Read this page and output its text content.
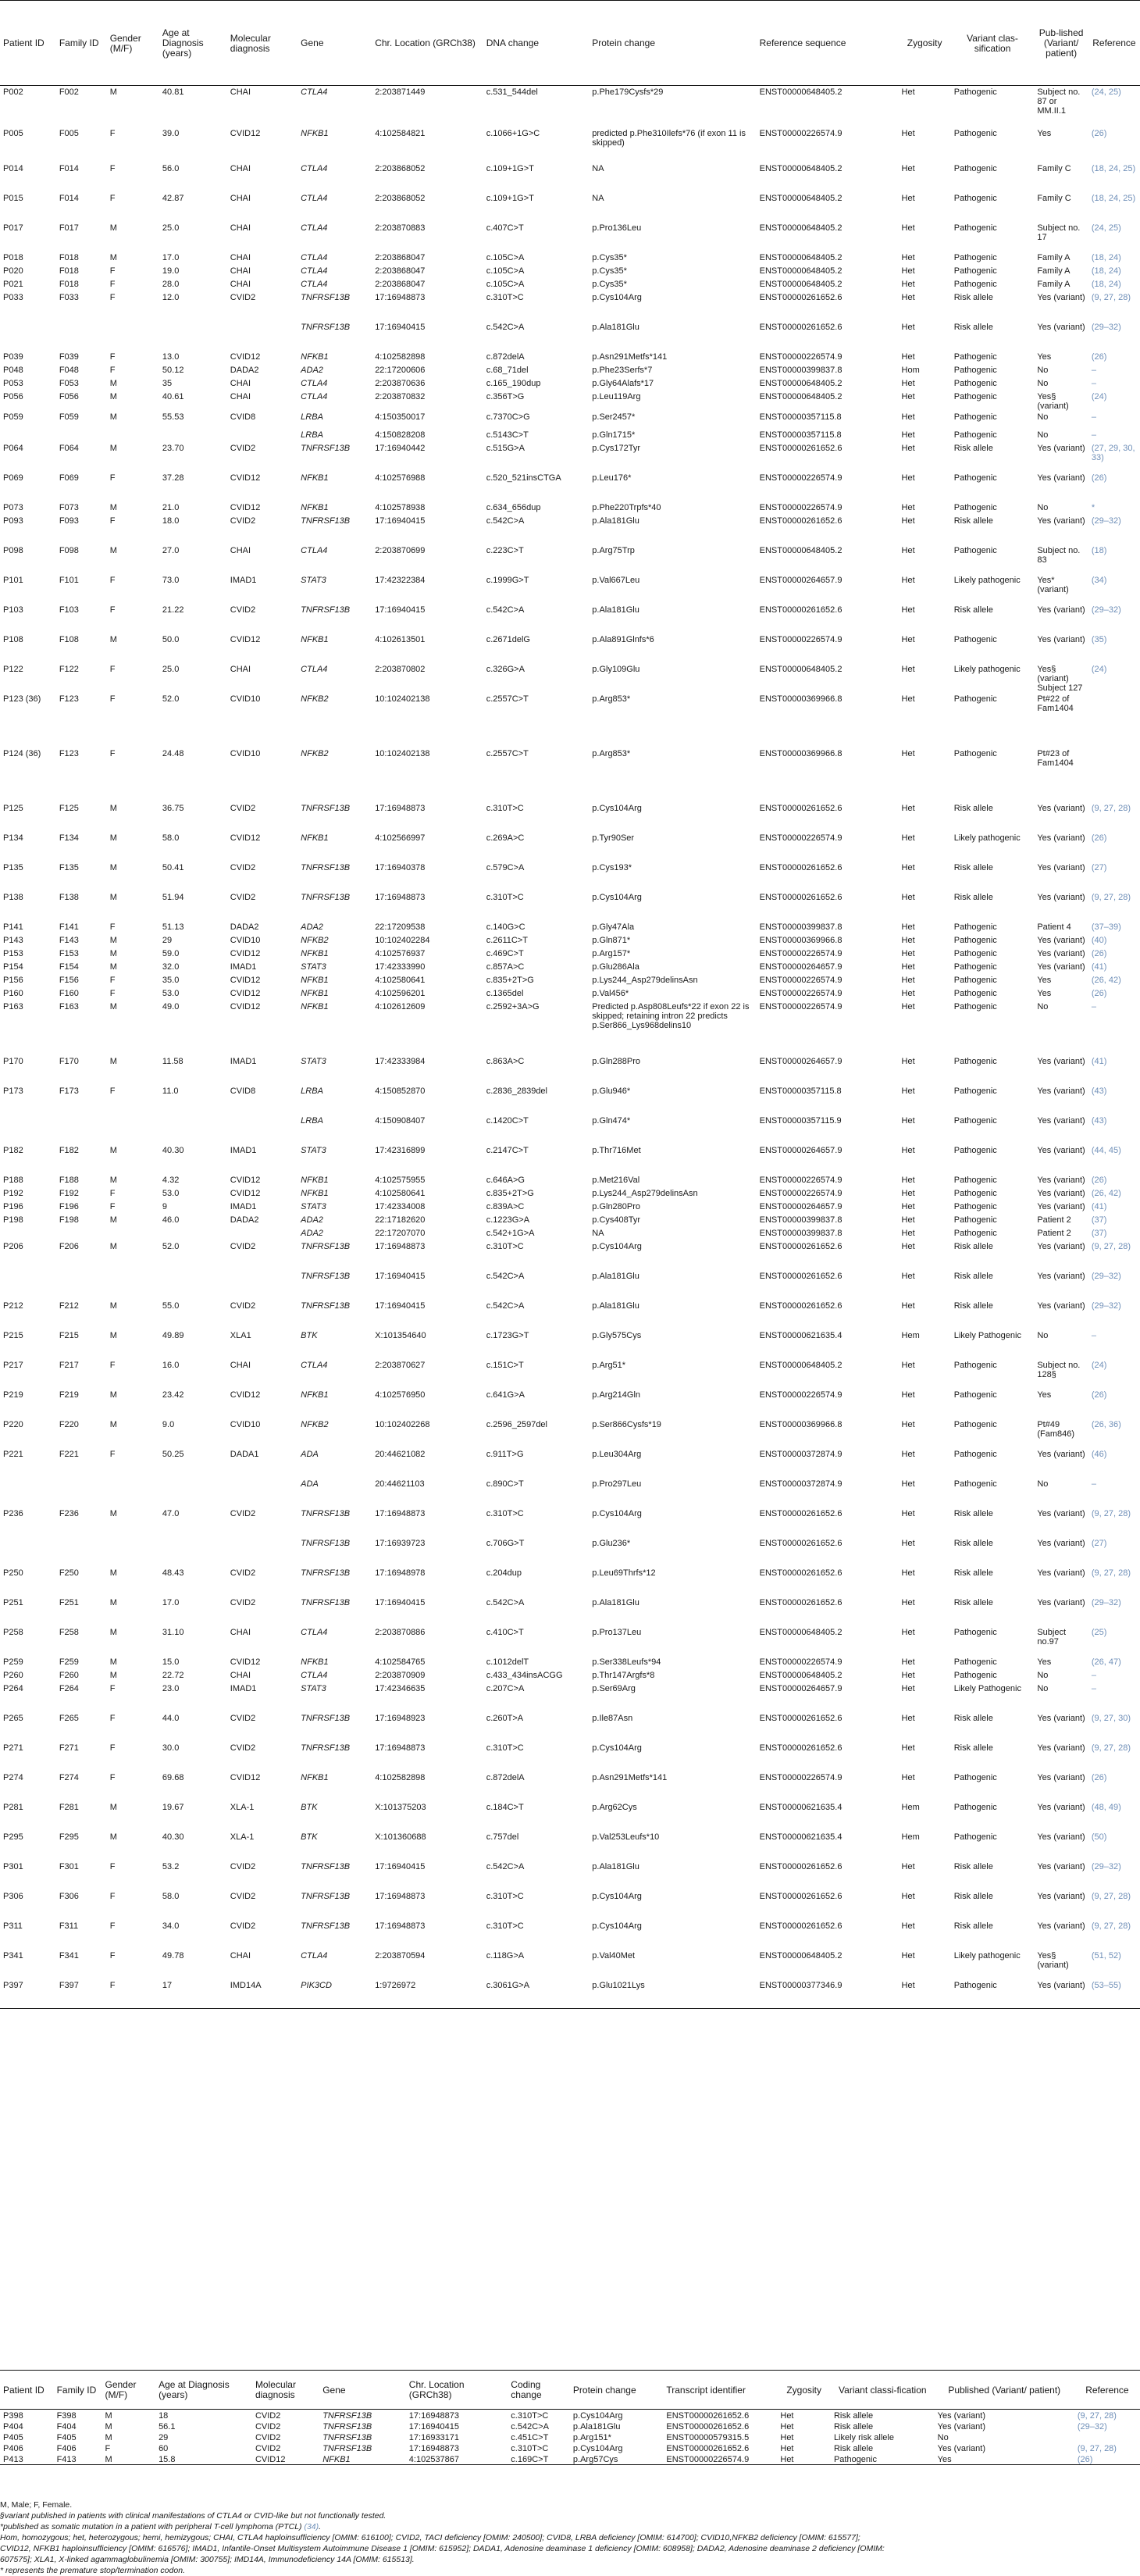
Patient ID	Family ID	Gender (M/F)	Age at Diagnosis (years)	Molecular diagnosis	Gene	Chr. Location (GRCh38)	DNA change	Protein change	Reference sequence	Zygosity	Variant clas-sification	Pub-lished (Variant/ patient)	Reference
P002	F002	M	40.81	CHAI	CTLA4	2:203871449	c.531_544del	p.Phe179Cysfs*29	ENST00000648405.2	Het	Pathogenic	Subject no. 87 or MM.II.1	(24, 25)
P005	F005	F	39.0	CVID12	NFKB1	4:102584821	c.1066+1G>C	predicted p.Phe310Ilefs*76 (if exon 11 is skipped)	ENST00000226574.9	Het	Pathogenic	Yes	(26)
P014	F014	F	56.0	CHAI	CTLA4	2:203868052	c.109+1G>T	NA	ENST00000648405.2	Het	Pathogenic	Family C	(18, 24, 25)
P015	F014	F	42.87	CHAI	CTLA4	2:203868052	c.109+1G>T	NA	ENST00000648405.2	Het	Pathogenic	Family C	(18, 24, 25)
P017	F017	M	25.0	CHAI	CTLA4	2:203870883	c.407C>T	p.Pro136Leu	ENST00000648405.2	Het	Pathogenic	Subject no. 17	(24, 25)
P018	F018	M	17.0	CHAI	CTLA4	2:203868047	c.105C>A	p.Cys35*	ENST00000648405.2	Het	Pathogenic	Family A	(18, 24)
P020	F018	F	19.0	CHAI	CTLA4	2:203868047	c.105C>A	p.Cys35*	ENST00000648405.2	Het	Pathogenic	Family A	(18, 24)
P021	F018	F	28.0	CHAI	CTLA4	2:203868047	c.105C>A	p.Cys35*	ENST00000648405.2	Het	Pathogenic	Family A	(18, 24)
P033	F033	F	12.0	CVID2	TNFRSF13B	17:16948873	c.310T>C	p.Cys104Arg	ENST00000261652.6	Het	Risk allele	Yes (variant)	(9, 27, 28)
					TNFRSF13B	17:16940415	c.542C>A	p.Ala181Glu	ENST00000261652.6	Het	Risk allele	Yes (variant)	(29–32)
P039	F039	F	13.0	CVID12	NFKB1	4:102582898	c.872delA	p.Asn291Metfs*141	ENST00000226574.9	Het	Pathogenic	Yes	(26)
P048	F048	F	50.12	DADA2	ADA2	22:17200606	c.68_71del	p.Phe23Serfs*7	ENST00000399837.8	Hom	Pathogenic	No	–
P053	F053	M	35	CHAI	CTLA4	2:203870636	c.165_190dup	p.Gly64Alafs*17	ENST00000648405.2	Het	Pathogenic	No	–
P056	F056	M	40.61	CHAI	CTLA4	2:203870832	c.356T>G	p.Leu119Arg	ENST00000648405.2	Het	Pathogenic	Yes§ (variant)	(24)
P059	F059	M	55.53	CVID8	LRBA	4:150350017	c.7370C>G	p.Ser2457*	ENST00000357115.8	Het	Pathogenic	No	–
					LRBA	4:150828208	c.5143C>T	p.Gln1715*	ENST00000357115.8	Het	Pathogenic	No	–
P064	F064	M	23.70	CVID2	TNFRSF13B	17:16940442	c.515G>A	p.Cys172Tyr	ENST00000261652.6	Het	Risk allele	Yes (variant)	(27, 29, 30, 33)
P069	F069	F	37.28	CVID12	NFKB1	4:102576988	c.520_521insCTGA	p.Leu176*	ENST00000226574.9	Het	Pathogenic	Yes (variant)	(26)
P073	F073	M	21.0	CVID12	NFKB1	4:102578938	c.634_656dup	p.Phe220Trpfs*40	ENST00000226574.9	Het	Pathogenic	No	*
P093	F093	F	18.0	CVID2	TNFRSF13B	17:16940415	c.542C>A	p.Ala181Glu	ENST00000261652.6	Het	Risk allele	Yes (variant)	(29–32)
P098	F098	M	27.0	CHAI	CTLA4	2:203870699	c.223C>T	p.Arg75Trp	ENST00000648405.2	Het	Pathogenic	Subject no. 83	(18)
P101	F101	F	73.0	IMAD1	STAT3	17:42322384	c.1999G>T	p.Val667Leu	ENST00000264657.9	Het	Likely pathogenic	Yes* (variant)	(34)
P103	F103	F	21.22	CVID2	TNFRSF13B	17:16940415	c.542C>A	p.Ala181Glu	ENST00000261652.6	Het	Risk allele	Yes (variant)	(29–32)
P108	F108	M	50.0	CVID12	NFKB1	4:102613501	c.2671delG	p.Ala891Glnfs*6	ENST00000226574.9	Het	Pathogenic	Yes (variant)	(35)
P122	F122	F	25.0	CHAI	CTLA4	2:203870802	c.326G>A	p.Gly109Glu	ENST00000648405.2	Het	Likely pathogenic	Yes§ (variant) Subject 127	(24)
P123 (36)	F123	F	52.0	CVID10	NFKB2	10:102402138	c.2557C>T	p.Arg853*	ENST00000369966.8	Het	Pathogenic	Pt#22 of Fam1404	
P124 (36)	F123	F	24.48	CVID10	NFKB2	10:102402138	c.2557C>T	p.Arg853*	ENST00000369966.8	Het	Pathogenic	Pt#23 of Fam1404	
P125	F125	M	36.75	CVID2	TNFRSF13B	17:16948873	c.310T>C	p.Cys104Arg	ENST00000261652.6	Het	Risk allele	Yes (variant)	(9, 27, 28)
P134	F134	M	58.0	CVID12	NFKB1	4:102566997	c.269A>C	p.Tyr90Ser	ENST00000226574.9	Het	Likely pathogenic	Yes (variant)	(26)
P135	F135	M	50.41	CVID2	TNFRSF13B	17:16940378	c.579C>A	p.Cys193*	ENST00000261652.6	Het	Risk allele	Yes (variant)	(27)
P138	F138	M	51.94	CVID2	TNFRSF13B	17:16948873	c.310T>C	p.Cys104Arg	ENST00000261652.6	Het	Risk allele	Yes (variant)	(9, 27, 28)
P141	F141	F	51.13	DADA2	ADA2	22:17209538	c.140G>C	p.Gly47Ala	ENST00000399837.8	Het	Pathogenic	Patient 4	(37–39)
P143	F143	M	29	CVID10	NFKB2	10:102402284	c.2611C>T	p.Gln871*	ENST00000369966.8	Het	Pathogenic	Yes (variant)	(40)
P153	F153	M	59.0	CVID12	NFKB1	4:102576937	c.469C>T	p.Arg157*	ENST00000226574.9	Het	Pathogenic	Yes (variant)	(26)
P154	F154	M	32.0	IMAD1	STAT3	17:42333990	c.857A>C	p.Glu286Ala	ENST00000264657.9	Het	Pathogenic	Yes (variant)	(41)
P156	F156	F	35.0	CVID12	NFKB1	4:102580641	c.835+2T>G	p.Lys244_Asp279delinsAsn	ENST00000226574.9	Het	Pathogenic	Yes	(26, 42)
P160	F160	F	53.0	CVID12	NFKB1	4:102596201	c.1365del	p.Val456*	ENST00000226574.9	Het	Pathogenic	Yes	(26)
P163	F163	M	49.0	CVID12	NFKB1	4:102612609	c.2592+3A>G	Predicted p.Asp808Leufs*22 if exon 22 is skipped; retaining intron 22 predicts p.Ser866_Lys968delins10	ENST00000226574.9	Het	Pathogenic	No	–
P170	F170	M	11.58	IMAD1	STAT3	17:42333984	c.863A>C	p.Gln288Pro	ENST00000264657.9	Het	Pathogenic	Yes (variant)	(41)
P173	F173	F	11.0	CVID8	LRBA	4:150852870	c.2836_2839del	p.Glu946*	ENST00000357115.8	Het	Pathogenic	Yes (variant)	(43)
					LRBA	4:150908407	c.1420C>T	p.Gln474*	ENST00000357115.9	Het	Pathogenic	Yes (variant)	(43)
P182	F182	M	40.30	IMAD1	STAT3	17:42316899	c.2147C>T	p.Thr716Met	ENST00000264657.9	Het	Pathogenic	Yes (variant)	(44, 45)
P188	F188	M	4.32	CVID12	NFKB1	4:102575955	c.646A>G	p.Met216Val	ENST00000226574.9	Het	Pathogenic	Yes (variant)	(26)
P192	F192	F	53.0	CVID12	NFKB1	4:102580641	c.835+2T>G	p.Lys244_Asp279delinsAsn	ENST00000226574.9	Het	Pathogenic	Yes (variant)	(26, 42)
P196	F196	F	9	IMAD1	STAT3	17:42334008	c.839A>C	p.Gln280Pro	ENST00000264657.9	Het	Pathogenic	Yes (variant)	(41)
P198	F198	M	46.0	DADA2	ADA2	22:17182620	c.1223G>A	p.Cys408Tyr	ENST00000399837.8	Het	Pathogenic	Patient 2	(37)
					ADA2	22:17207070	c.542+1G>A	NA	ENST00000399837.8	Het	Pathogenic	Patient 2	(37)
P206	F206	M	52.0	CVID2	TNFRSF13B	17:16948873	c.310T>C	p.Cys104Arg	ENST00000261652.6	Het	Risk allele	Yes (variant)	(9, 27, 28)
					TNFRSF13B	17:16940415	c.542C>A	p.Ala181Glu	ENST00000261652.6	Het	Risk allele	Yes (variant)	(29–32)
P212	F212	M	55.0	CVID2	TNFRSF13B	17:16940415	c.542C>A	p.Ala181Glu	ENST00000261652.6	Het	Risk allele	Yes (variant)	(29–32)
P215	F215	M	49.89	XLA1	BTK	X:101354640	c.1723G>T	p.Gly575Cys	ENST00000621635.4	Hem	Likely Pathogenic	No	–
P217	F217	F	16.0	CHAI	CTLA4	2:203870627	c.151C>T	p.Arg51*	ENST00000648405.2	Het	Pathogenic	Subject no. 128§	(24)
P219	F219	M	23.42	CVID12	NFKB1	4:102576950	c.641G>A	p.Arg214Gln	ENST00000226574.9	Het	Pathogenic	Yes	(26)
P220	F220	M	9.0	CVID10	NFKB2	10:102402268	c.2596_2597del	p.Ser866Cysfs*19	ENST00000369966.8	Het	Pathogenic	Pt#49 (Fam846)	(26, 36)
P221	F221	F	50.25	DADA1	ADA	20:44621082	c.911T>G	p.Leu304Arg	ENST00000372874.9	Het	Pathogenic	Yes (variant)	(46)
					ADA	20:44621103	c.890C>T	p.Pro297Leu	ENST00000372874.9	Het	Pathogenic	No	–
P236	F236	M	47.0	CVID2	TNFRSF13B	17:16948873	c.310T>C	p.Cys104Arg	ENST00000261652.6	Het	Risk allele	Yes (variant)	(9, 27, 28)
					TNFRSF13B	17:16939723	c.706G>T	p.Glu236*	ENST00000261652.6	Het	Risk allele	Yes (variant)	(27)
P250	F250	M	48.43	CVID2	TNFRSF13B	17:16948978	c.204dup	p.Leu69Thrfs*12	ENST00000261652.6	Het	Risk allele	Yes (variant)	(9, 27, 28)
P251	F251	M	17.0	CVID2	TNFRSF13B	17:16940415	c.542C>A	p.Ala181Glu	ENST00000261652.6	Het	Risk allele	Yes (variant)	(29–32)
P258	F258	M	31.10	CHAI	CTLA4	2:203870886	c.410C>T	p.Pro137Leu	ENST00000648405.2	Het	Pathogenic	Subject no.97	(25)
P259	F259	M	15.0	CVID12	NFKB1	4:102584765	c.1012delT	p.Ser338Leufs*94	ENST00000226574.9	Het	Pathogenic	Yes	(26, 47)
P260	F260	M	22.72	CHAI	CTLA4	2:203870909	c.433_434insACGG	p.Thr147Argfs*8	ENST00000648405.2	Het	Pathogenic	No	–
P264	F264	F	23.0	IMAD1	STAT3	17:42346635	c.207C>A	p.Ser69Arg	ENST00000264657.9	Het	Likely Pathogenic	No	–
P265	F265	F	44.0	CVID2	TNFRSF13B	17:16948923	c.260T>A	p.Ile87Asn	ENST00000261652.6	Het	Risk allele	Yes (variant)	(9, 27, 30)
P271	F271	F	30.0	CVID2	TNFRSF13B	17:16948873	c.310T>C	p.Cys104Arg	ENST00000261652.6	Het	Risk allele	Yes (variant)	(9, 27, 28)
P274	F274	F	69.68	CVID12	NFKB1	4:102582898	c.872delA	p.Asn291Metfs*141	ENST00000226574.9	Het	Pathogenic	Yes (variant)	(26)
P281	F281	M	19.67	XLA-1	BTK	X:101375203	c.184C>T	p.Arg62Cys	ENST00000621635.4	Hem	Pathogenic	Yes (variant)	(48, 49)
P295	F295	M	40.30	XLA-1	BTK	X:101360688	c.757del	p.Val253Leufs*10	ENST00000621635.4	Hem	Pathogenic	Yes (variant)	(50)
P301	F301	F	53.2	CVID2	TNFRSF13B	17:16940415	c.542C>A	p.Ala181Glu	ENST00000261652.6	Het	Risk allele	Yes (variant)	(29–32)
P306	F306	F	58.0	CVID2	TNFRSF13B	17:16948873	c.310T>C	p.Cys104Arg	ENST00000261652.6	Het	Risk allele	Yes (variant)	(9, 27, 28)
P311	F311	F	34.0	CVID2	TNFRSF13B	17:16948873	c.310T>C	p.Cys104Arg	ENST00000261652.6	Het	Risk allele	Yes (variant)	(9, 27, 28)
P341	F341	F	49.78	CHAI	CTLA4	2:203870594	c.118G>A	p.Val40Met	ENST00000648405.2	Het	Likely pathogenic	Yes§ (variant)	(51, 52)
P397	F397	F	17	IMD14A	PIK3CD	1:9726972	c.3061G>A	p.Glu1021Lys	ENST00000377346.9	Het	Pathogenic	Yes (variant)	(53–55)
Patient ID	Family ID	Gender (M/F)	Age at Diagnosis (years)	Molecular diagnosis	Gene	Chr. Location (GRCh38)	Coding change	Protein change	Transcript identifier	Zygosity	Variant classi-fication	Published (Variant/ patient)	Reference
P398	F398	M	18	CVID2	TNFRSF13B	17:16948873	c.310T>C	p.Cys104Arg	ENST00000261652.6	Het	Risk allele	Yes (variant)	(9, 27, 28)
P404	F404	M	56.1	CVID2	TNFRSF13B	17:16940415	c.542C>A	p.Ala181Glu	ENST00000261652.6	Het	Risk allele	Yes (variant)	(29–32)
P405	F405	M	29	CVID2	TNFRSF13B	17:16933171	c.451C>T	p.Arg151*	ENST00000579315.5	Het	Likely risk allele	No	
P406	F406	F	60	CVID2	TNFRSF13B	17:16948873	c.310T>C	p.Cys104Arg	ENST00000261652.6	Het	Risk allele	Yes (variant)	(9, 27, 28)
P413	F413	M	15.8	CVID12	NFKB1	4:102537867	c.169C>T	p.Arg57Cys	ENST00000226574.9	Het	Pathogenic	Yes	(26)

M, Male; F, Female.

§variant published in patients with clinical manifestations of CTLA4 or CVID-like but not functionally tested.

*published as somatic mutation in a patient with peripheral T-cell lymphoma (PTCL) (34).

Hom, homozygous; het, heterozygous; hemi, hemizygous; CHAI, CTLA4 haploinsufficiency [OMIM: 616100]; CVID2, TACI deficiency [OMIM: 240500]; CVID8, LRBA deficiency [OMIM: 614700]; CVID10,NFKB2 deficiency [OMIM: 615577];

CVID12, NFKB1 haploinsufficiency [OMIM: 616576]; IMAD1, Infantile-Onset Multisystem Autoimmune Disease 1 [OMIM: 615952]; DADA1, Adenosine deaminase 1 deficiency [OMIM: 608958]; DADA2, Adenosine deaminase 2 deficiency [OMIM:

607575]; XLA1, X-linked agammaglobulinemia [OMIM: 300755]; IMD14A, Immunodeficiency 14A [OMIM: 615513].

* represents the premature stop/termination codon.
